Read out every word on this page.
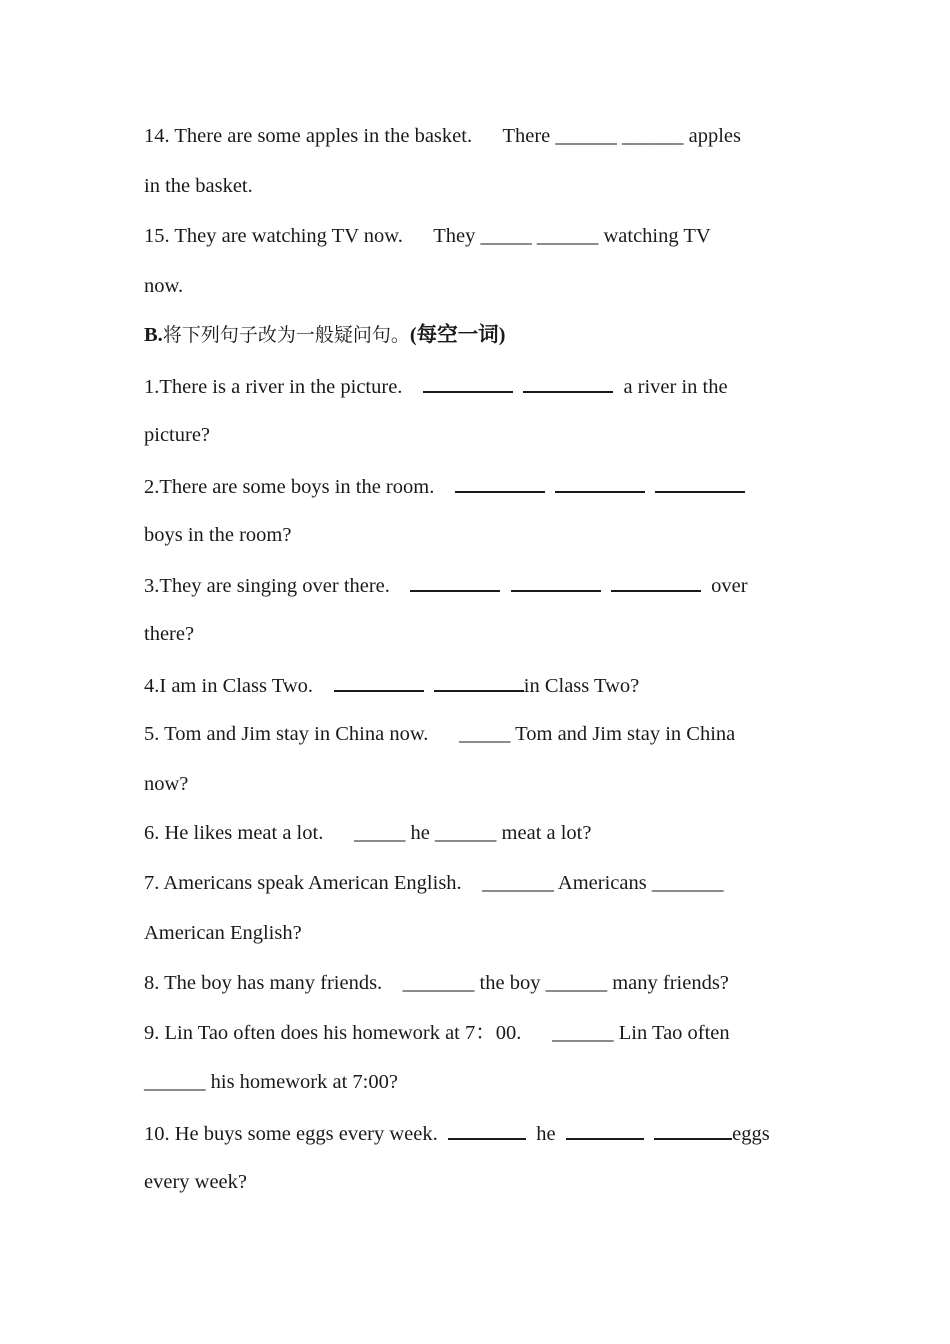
14. There are some apples in the basket.      There ______ ______ apples
in the basket.
15. They are watching TV now.      They _____ ______ watching TV
now.
B.将下列句子改为一般疑问句。(每空一词)
1.There is a river in the picture.	a river in the
picture?
2.There are some boys in the room.
boys in the room?
3.They are singing over there.	over
there?
4.I am in Class Two.	in Class Two?
5. Tom and Jim stay in China now.      _____ Tom and Jim stay in China
now?
6. He likes meat a lot.      _____ he ______ meat a lot?
7. Americans speak American English.    _______ Americans _______
American English?
8. The boy has many friends.    _______ the boy ______ many friends?
9. Lin Tao often does his homework at 7：00.      ______ Lin Tao often
______ his homework at 7:00?
10. He buys some eggs every week.	he	eggs
every week?
